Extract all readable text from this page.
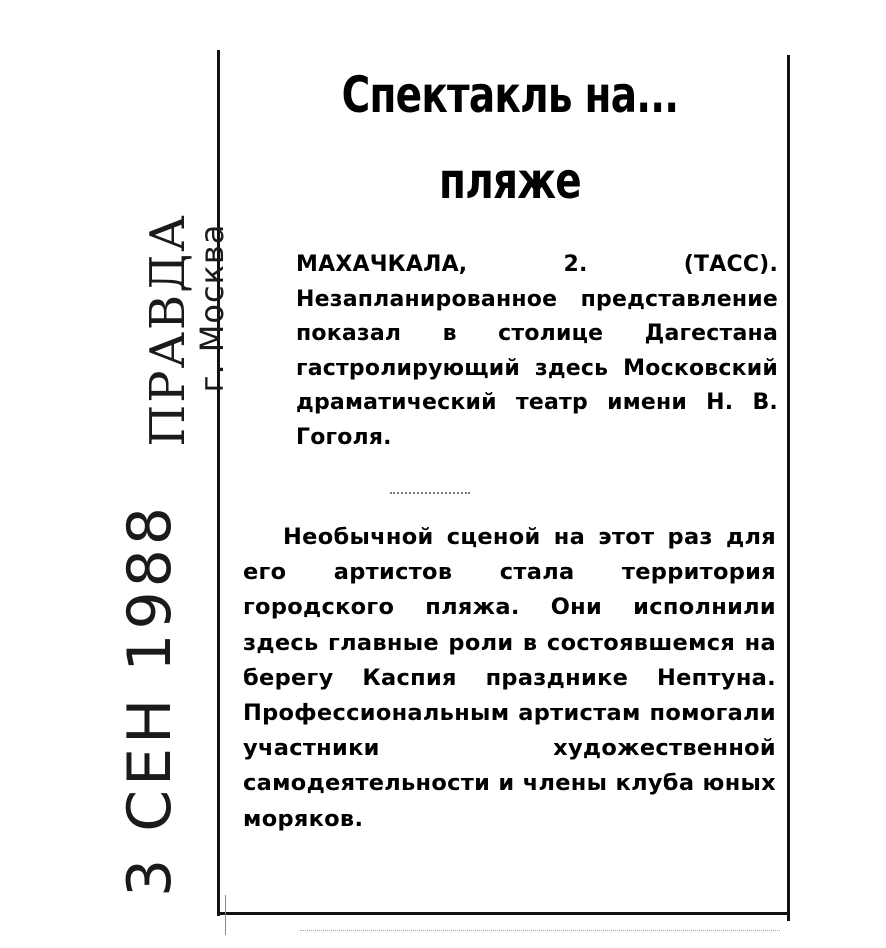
ПРАВДА
г. Москва
3 СЕН 1988
Спектакль на...
пляже
МАХАЧКАЛА, 2. (ТАСС). Незапланированное представление показал в столице Дагестана гастролирующий здесь Московский драматический театр имени Н. В. Гоголя.
Необычной сценой на этот раз для его артистов стала территория городского пляжа. Они исполнили здесь главные роли в состоявшемся на берегу Каспия празднике Нептуна. Профессиональным артистам помогали участники художественной самодеятельности и члены клуба юных моряков.
